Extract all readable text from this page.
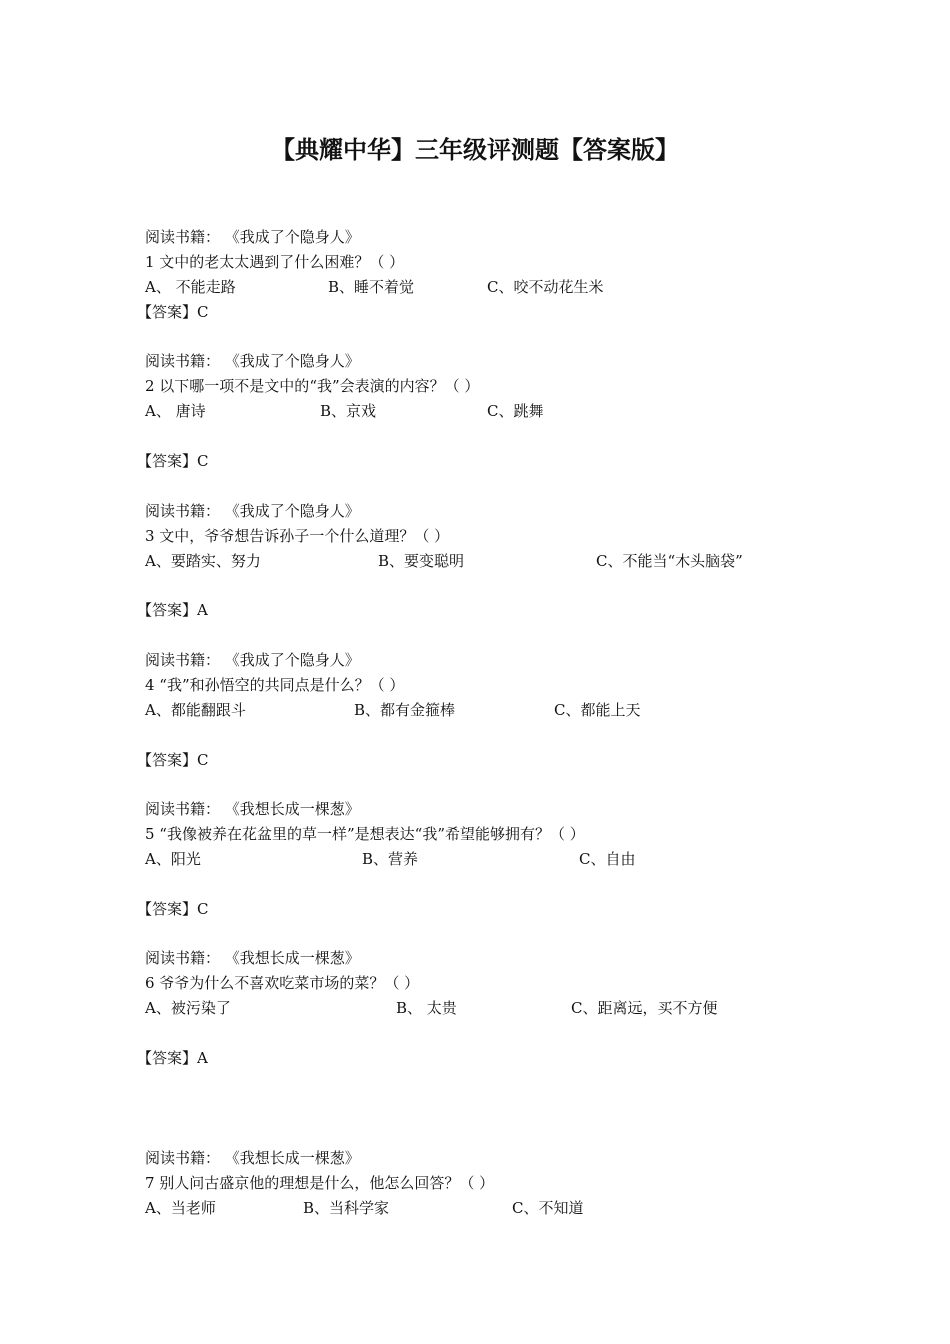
【典耀中华】三年级评测题【答案版】
阅读书籍： 《我成了个隐身人》
1 文中的老太太遇到了什么困难？（ ）
A、 不能走路	B、睡不着觉	C、咬不动花生米
【答案】C
阅读书籍： 《我成了个隐身人》
2 以下哪一项不是文中的“我”会表演的内容？（ ）
A、 唐诗	B、京戏	C、跳舞
【答案】C
阅读书籍： 《我成了个隐身人》
3 文中，爷爷想告诉孙子一个什么道理？（ ）
A、要踏实、努力	B、要变聪明	C、不能当“木头脑袋”
【答案】A
阅读书籍： 《我成了个隐身人》
4 “我”和孙悟空的共同点是什么？（ ）
A、都能翻跟斗	B、都有金箍棒	C、都能上天
【答案】C
阅读书籍： 《我想长成一棵葱》
5 “我像被养在花盆里的草一样”是想表达“我”希望能够拥有？（ ）
A、阳光	B、营养	C、自由
【答案】C
阅读书籍： 《我想长成一棵葱》
6 爷爷为什么不喜欢吃菜市场的菜？（ ）
A、被污染了	B、 太贵	C、距离远，买不方便
【答案】A
阅读书籍： 《我想长成一棵葱》
7 别人问古盛京他的理想是什么，他怎么回答？（ ）
A、当老师	B、当科学家	C、不知道
